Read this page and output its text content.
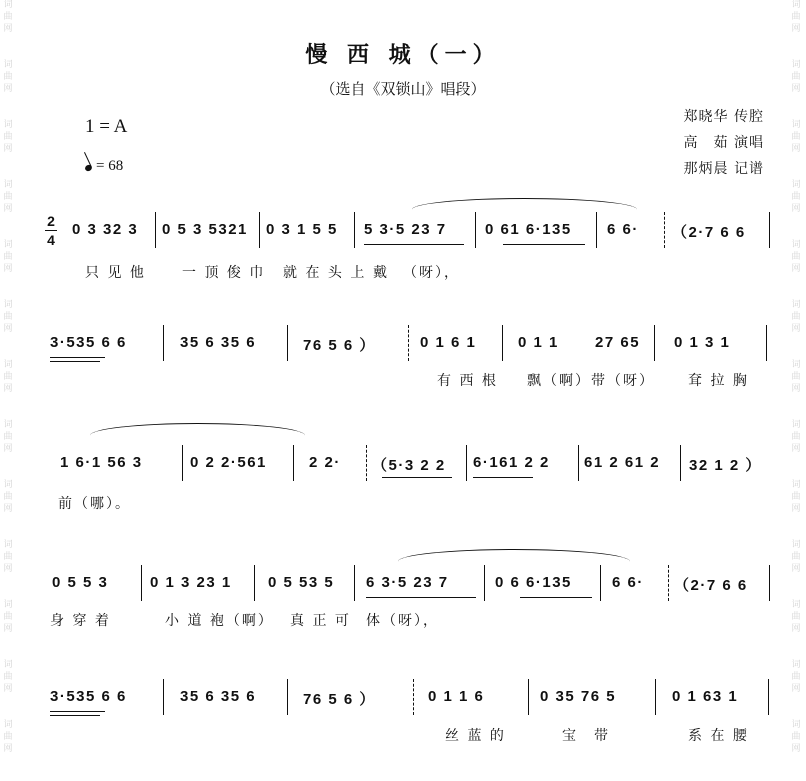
词
曲
网
词
曲
网
词
曲
网
词
曲
网
词
曲
网
词
曲
网
词
曲
网
词
曲
网
词
曲
网
词
曲
网
词
曲
网
词
曲
网
词
曲
网
词
曲
网
词
曲
网
词
曲
网
词
曲
网
词
曲
网
词
曲
网
词
曲
网
词
曲
网
词
曲
网
词
曲
网
词
曲
网
词
曲
网
词
曲
网
慢 西 城（一）
（选自《双锁山》唱段）
1 = A
= 68
郑晓华 传腔
高　茹 演唱
那炳晨 记谱
2
4
0 3 32 3 0 5 3 5321 0 3 1 5 5 5 3·5 23 7	0 61 6·135 6 6· （2·7 6 6
只 见 他	一 顶 俊 巾 就 在 头 上 戴 （呀），
3·535 6 6	35 6 35 6	76 5 6 ）	0 1 6 1	0 1 1 27 65 0 1 3 1
有 西 根 飘（啊）带（呀） 耷 拉 胸
1 6·1 56 3	0 2 2·561	2 2· （5·3 2 2 6·161 2 2 61 2 61 2 32 1 2 ）
前（哪）。
0 5 5 3	0 1 3 23 1 0 5 53 5 6 3·5 23 7	0 6 6·135	6 6· （2·7 6 6
身 穿 着	小 道 袍（啊） 真 正 可 体（呀），
3·535 6 6	35 6 35 6	76 5 6 ）	0 1 1 6	0 35 76 5	0 1 63 1
丝 蓝 的	宝　带	系 在 腰
